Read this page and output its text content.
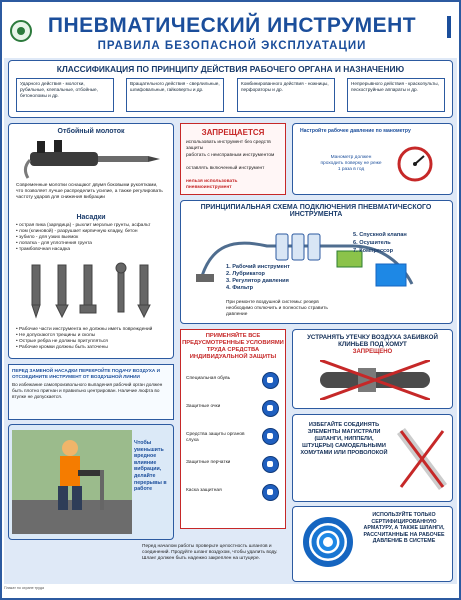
ПНЕВМАТИЧЕСКИЙ ИНСТРУМЕНТ
ПРАВИЛА БЕЗОПАСНОЙ ЭКСПЛУАТАЦИИ
КЛАССИФИКАЦИЯ ПО ПРИНЦИПУ ДЕЙСТВИЯ РАБОЧЕГО ОРГАНА И НАЗНАЧЕНИЮ
Ударного действия - молотки, рубильные, клепальные, отбойные, бетоноломы и др.
Вращательного действия - сверлильные, шлифовальные, гайковерты и др.
Комбинированного действия - ножницы, перфораторы и др.
Непрерывного действия - краскопульты, пескоструйные аппараты и др.
Отбойный молоток
Современные молотки оснащают двумя боковыми рукоятками, что позволяет лучше распределить усилие, а также регулировать частоту ударов для снижения вибрации
Насадки
• острая пика (зарядица) - рыхлит мерзлые грунты, асфальт
• лом (клиновой) - разрушает кирпичную кладку, бетон
• зубило - для узких выемок
• лопатка - для уплотнения грунта
• трамбовочная насадка
• Рабочие части инструмента не должны иметь повреждений
• Не допускаются трещины и сколы
• Острые ребра не должны притупляться
• Рабочие кромки должны быть заточены
ПЕРЕД ЗАМЕНОЙ НАСАДКИ ПЕРЕКРОЙТЕ ПОДАЧУ ВОЗДУХА И ОТСОЕДИНИТЕ ИНСТРУМЕНТ ОТ ВОЗДУШНОЙ ЛИНИИ
Во избежание самопроизвольного выпадения рабочий орган должен быть плотно пригнан и правильно центрирован. Наличие люфта во втулке не допускается.
Чтобы уменьшить вредное влияние вибрации, делайте перерывы в работе
Перед началом работы проверьте целостность шлангов и соединений. Продуйте шланг воздухом, чтобы удалить воду. Шланг должен быть надежно закреплен на штуцере.
ЗАПРЕЩАЕТСЯ
использовать инструмент без средств защиты
работать с неисправным инструментом
оставлять включенный инструмент
нельзя использовать пневмоинструмент
Настройте рабочее давление по манометру
Манометр должен проходить поверку не реже 1 раза в год
ПРИНЦИПИАЛЬНАЯ СХЕМА ПОДКЛЮЧЕНИЯ ПНЕВМАТИЧЕСКОГО ИНСТРУМЕНТА
1. Рабочий инструмент
2. Лубрикатор
3. Регулятор давления
4. Фильтр
5. Спускной клапан
6. Осушитель
7. Компрессор
При ремонте воздушной системы: резерв необходимо отключить и полностью стравить давление
ПРИМЕНЯЙТЕ ВСЕ ПРЕДУСМОТРЕННЫЕ УСЛОВИЯМИ ТРУДА СРЕДСТВА ИНДИВИДУАЛЬНОЙ ЗАЩИТЫ
Специальная обувь
Защитные очки
Средства защиты органов слуха
Защитные перчатки
Каска защитная
УСТРАНЯТЬ УТЕЧКУ ВОЗДУХА ЗАБИВКОЙ КЛИНЬЕВ ПОД ХОМУТ
ЗАПРЕЩЕНО
ИЗБЕГАЙТЕ СОЕДИНЯТЬ ЭЛЕМЕНТЫ МАГИСТРАЛИ (ШЛАНГИ, НИППЕЛИ, ШТУЦЕРЫ) САМОДЕЛЬНЫМИ ХОМУТАМИ ИЛИ ПРОВОЛОКОЙ
ИСПОЛЬЗУЙТЕ ТОЛЬКО СЕРТИФИЦИРОВАННУЮ АРМАТУРУ, А ТАКЖЕ ШЛАНГИ, РАССЧИТАННЫЕ НА РАБОЧЕЕ ДАВЛЕНИЕ В СИСТЕМЕ
Плакат по охране труда
